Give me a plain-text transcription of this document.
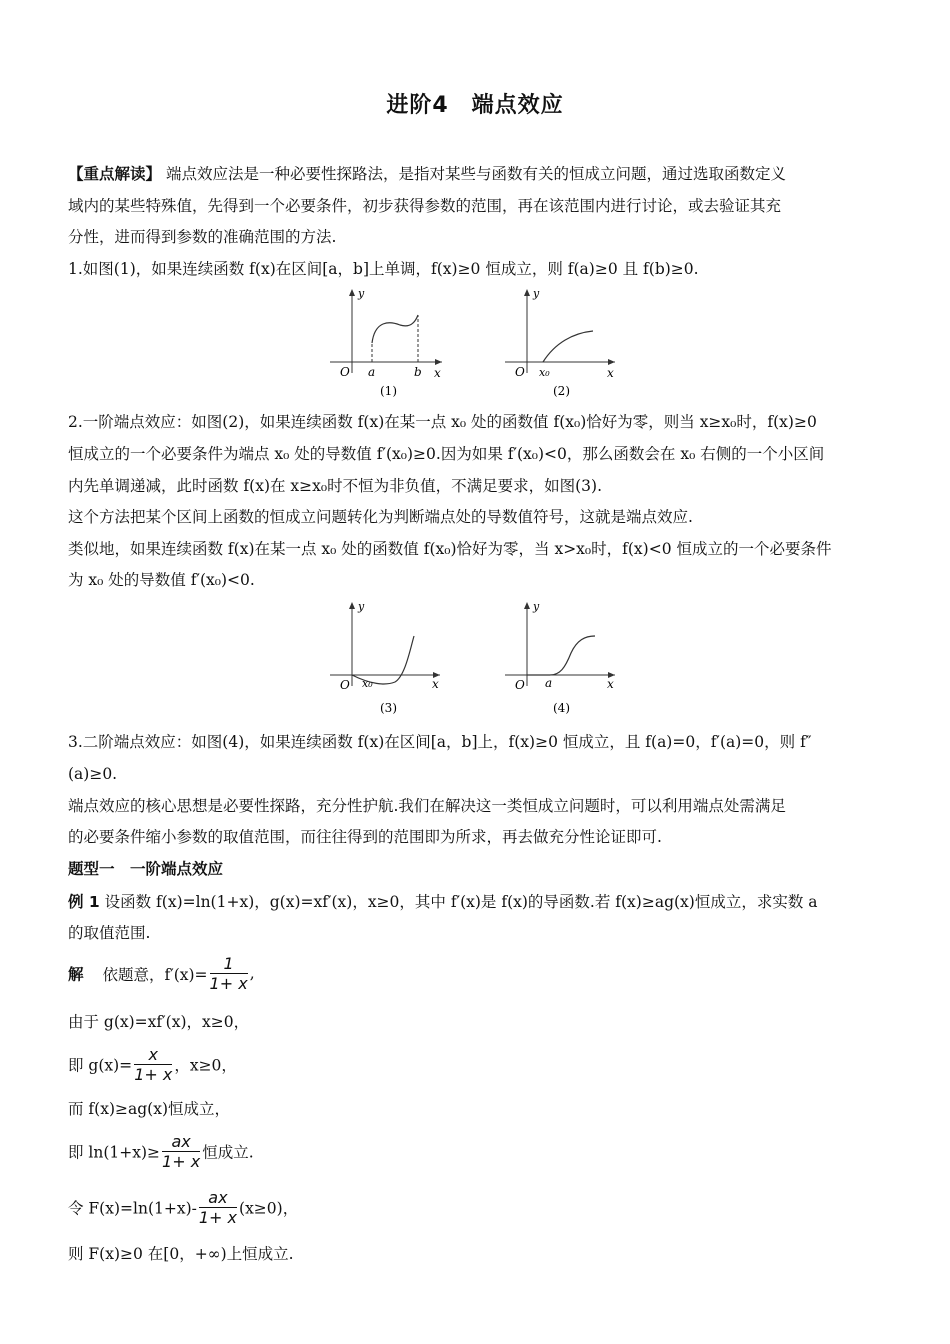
进阶4　端点效应
【重点解读】 端点效应法是一种必要性探路法，是指对某些与函数有关的恒成立问题，通过选取函数定义
域内的某些特殊值，先得到一个必要条件，初步获得参数的范围，再在该范围内进行讨论，或去验证其充
分性，进而得到参数的准确范围的方法.
1.如图(1)，如果连续函数 f(x)在区间[a，b]上单调，f(x)≥0 恒成立，则 f(a)≥0 且 f(b)≥0.
y
x
O a	b
(1)
y
x
O x₀
(2)
2.一阶端点效应：如图(2)，如果连续函数 f(x)在某一点 x₀ 处的函数值 f(x₀)恰好为零，则当 x≥x₀时，f(x)≥0
恒成立的一个必要条件为端点 x₀ 处的导数值 f′(x₀)≥0.因为如果 f′(x₀)<0，那么函数会在 x₀ 右侧的一个小区间
内先单调递减，此时函数 f(x)在 x≥x₀时不恒为非负值，不满足要求，如图(3).
这个方法把某个区间上函数的恒成立问题转化为判断端点处的导数值符号，这就是端点效应.
类似地，如果连续函数 f(x)在某一点 x₀ 处的函数值 f(x₀)恰好为零，当 x>x₀时，f(x)<0 恒成立的一个必要条件
为 x₀ 处的导数值 f′(x₀)<0.
y
x
O x₀
(3)
y
x
O a
(4)
3.二阶端点效应：如图(4)，如果连续函数 f(x)在区间[a，b]上，f(x)≥0 恒成立，且 f(a)=0，f′(a)=0，则 f″
(a)≥0.
端点效应的核心思想是必要性探路，充分性护航.我们在解决这一类恒成立问题时，可以利用端点处需满足
的必要条件缩小参数的取值范围，而往往得到的范围即为所求，再去做充分性论证即可.
题型一　一阶端点效应
例 1 设函数 f(x)=ln(1+x)，g(x)=xf′(x)，x≥0，其中 f′(x)是 f(x)的导函数.若 f(x)≥ag(x)恒成立，求实数 a
的取值范围.
解 依题意，$f'(x)= \frac{1}{1+ x}$ ,
由于 g(x)=xf′(x)，x≥0，
即 $g(x)= \frac{x}{1+ x}$ ，x≥0，
而 f(x)≥ag(x)恒成立，
即 $\ln(1+x)\ge \frac{ax}{1+ x}$ 恒成立.
令 $F(x)=\ln(1+x)- \frac{ax}{1+ x} (x\ge 0)$，
则 F(x)≥0 在[0，+∞)上恒成立.
